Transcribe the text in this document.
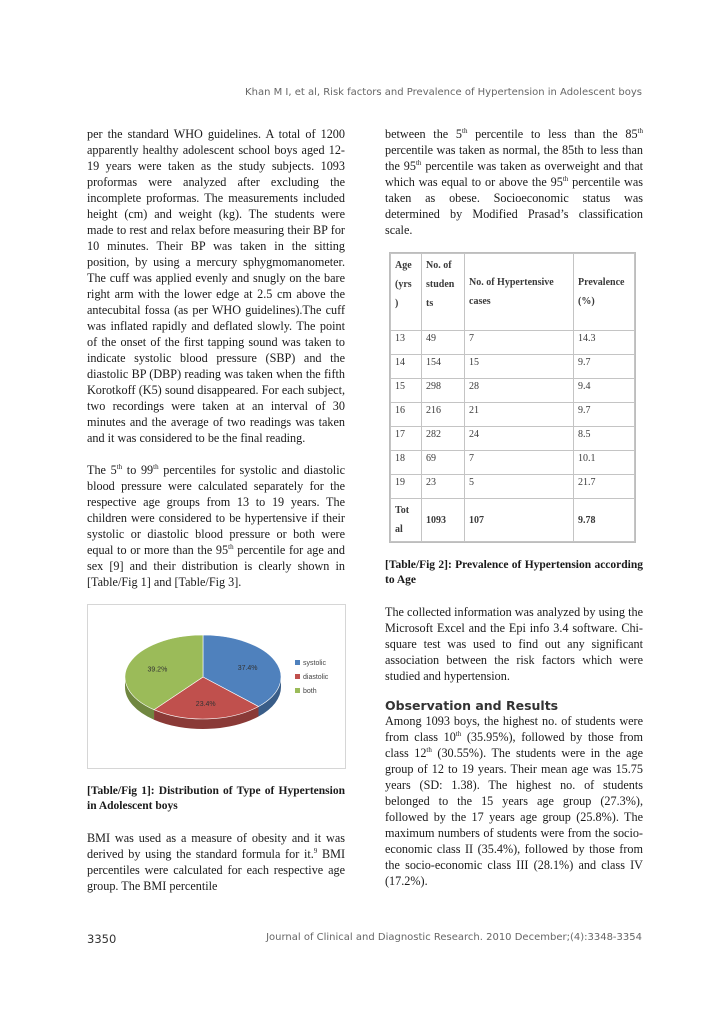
Khan M I, et al, Risk factors and Prevalence of Hypertension in Adolescent boys

per the standard WHO guidelines. A total of 1200 apparently healthy adolescent school boys aged 12-19 years were taken as the study subjects. 1093 proformas were analyzed after excluding the incomplete proformas. The measurements included height (cm) and weight (kg). The students were made to rest and relax before measuring their BP for 10 minutes. Their BP was taken in the sitting position, by using a mercury sphygmomanometer. The cuff was applied evenly and snugly on the bare right arm with the lower edge at 2.5 cm above the antecubital fossa (as per WHO guidelines).The cuff was inflated rapidly and deflated slowly. The point of the onset of the first tapping sound was taken to indicate systolic blood pressure (SBP) and the diastolic BP (DBP) reading was taken when the fifth Korotkoff (K5) sound disappeared. For each subject, two recordings were taken at an interval of 30 minutes and the average of two readings was taken and it was considered to be the final reading.

The 5th to 99th percentiles for systolic and diastolic blood pressure were calculated separately for the respective age groups from 13 to 19 years. The children were considered to be hypertensive if their systolic or diastolic blood pressure or both were equal to or more than the 95th percentile for age and sex [9] and their distribution is clearly shown in [Table/Fig 1] and [Table/Fig 3].

37.4%
23.4%
39.2%
systolic
diastolic
both
[Table/Fig 1]: Distribution of Type of Hypertension in Adolescent boys

BMI was used as a measure of obesity and it was derived by using the standard formula for it.$^9$ BMI percentiles were calculated for each respective age group. The BMI percentile

between the 5th percentile to less than the 85th percentile was taken as normal, the 85th to less than the 95th percentile was taken as overweight and that which was equal to or above the 95th percentile was taken as obese. Socioeconomic status was determined by Modified Prasad’s classification scale.

Age (yrs )	No. of studen ts	No. of Hypertensive cases	Prevalence (%)
13	49	7	14.3
14	154	15	9.7
15	298	28	9.4
16	216	21	9.7
17	282	24	8.5
18	69	7	10.1
19	23	5	21.7
Tot al	1093	107	9.78
[Table/Fig 2]: Prevalence of Hypertension according to Age

The collected information was analyzed by using the Microsoft Excel and the Epi info 3.4 software. Chi-square test was used to find out any significant association between the risk factors which were studied and hypertension.

Observation and Results

Among 1093 boys, the highest no. of students were from class 10th (35.95%), followed by those from class 12th (30.55%). The students were in the age group of 12 to 19 years. Their mean age was 15.75 years (SD: 1.38). The highest no. of students belonged to the 15 years age group (27.3%), followed by the 17 years age group (25.8%). The maximum numbers of students were from the socio-economic class II (35.4%), followed by those from the socio-economic class III (28.1%) and class IV (17.2%).

3350	Journal of Clinical and Diagnostic Research. 2010 December;(4):3348-3354
